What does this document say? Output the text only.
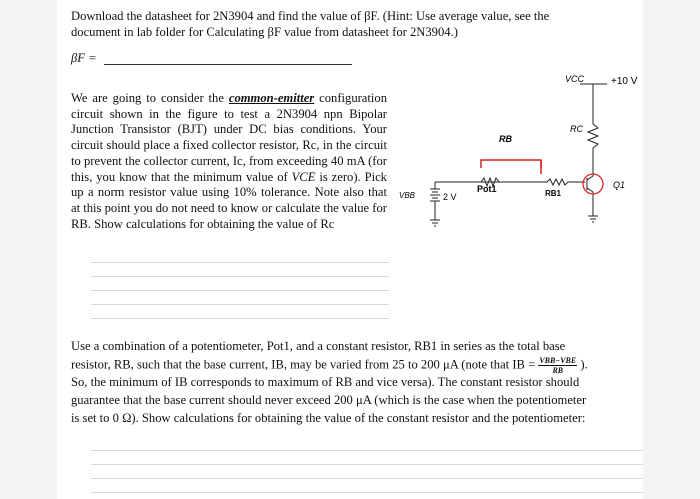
Download the datasheet for 2N3904 and find the value of βF. (Hint: Use average value, see the
document in lab folder for Calculating βF value from datasheet for 2N3904.)
βF =
We are going to consider the common-emitter configuration circuit shown in the figure to test a 2N3904 npn Bipolar Junction Transistor (BJT) under DC bias conditions. Your circuit should place a fixed collector resistor, Rc, in the circuit to prevent the collector current, Ic, from exceeding 40 mA (for this, you know that the minimum value of VCE is zero). Pick up a norm resistor value using 10% tolerance. Note also that at this point you do not need to know or calculate the value for RB. Show calculations for obtaining the value of Rc
VCC	+10 V
RC
RB
Pot1	RB1
VBB	2 V
Q1
Use a combination of a potentiometer, Pot1, and a constant resistor, RB1 in series as the total base
resistor, RB, such that the base current, IB, may be varied from 25 to 200 μA (note that IB = $\frac{\text{VBB−VBE}}{RB}$ ).
So, the minimum of IB corresponds to maximum of RB and vice versa). The constant resistor should
guarantee that the base current should never exceed 200 μA (which is the case when the potentiometer
is set to 0 Ω). Show calculations for obtaining the value of the constant resistor and the potentiometer:
